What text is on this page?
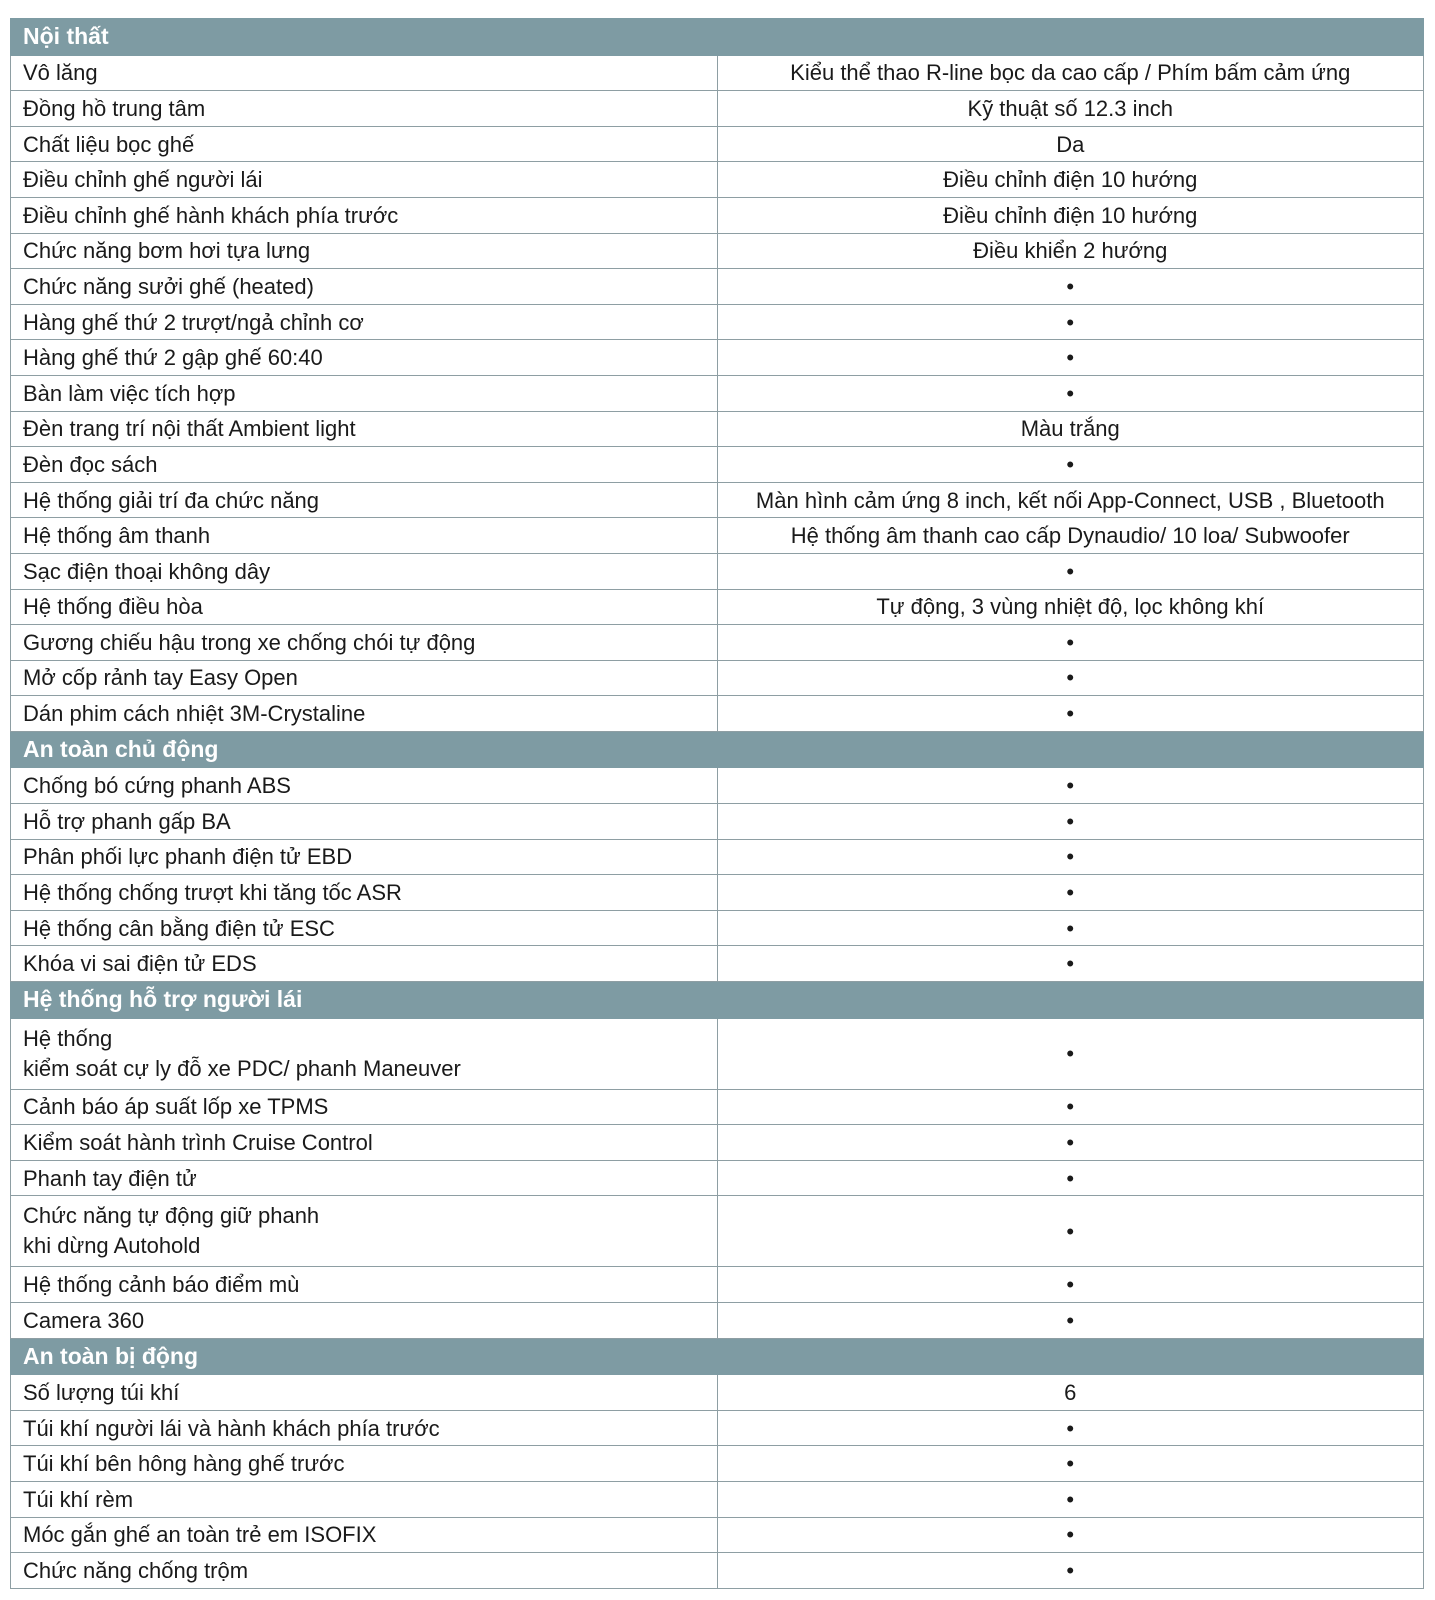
Nội thất	
Vô lăng	Kiểu thể thao R-line bọc da cao cấp / Phím bấm cảm ứng
Đồng hồ trung tâm	Kỹ thuật số 12.3 inch
Chất liệu bọc ghế	Da
Điều chỉnh ghế người lái	Điều chỉnh điện 10 hướng
Điều chỉnh ghế hành khách phía trước	Điều chỉnh điện 10 hướng
Chức năng bơm hơi tựa lưng	Điều khiển 2 hướng
Chức năng sưởi ghế (heated)	•
Hàng ghế thứ 2 trượt/ngả chỉnh cơ	•
Hàng ghế thứ 2 gập ghế 60:40	•
Bàn làm việc tích hợp	•
Đèn trang trí nội thất Ambient light	Màu trắng
Đèn đọc sách	•
Hệ thống giải trí đa chức năng	Màn hình cảm ứng 8 inch, kết nối App-Connect, USB , Bluetooth
Hệ thống âm thanh	Hệ thống âm thanh cao cấp Dynaudio/ 10 loa/ Subwoofer
Sạc điện thoại không dây	•
Hệ thống điều hòa	Tự động, 3 vùng nhiệt độ, lọc không khí
Gương chiếu hậu trong xe chống chói tự động	•
Mở cốp rảnh tay Easy Open	•
Dán phim cách nhiệt 3M-Crystaline	•
An toàn chủ động	
Chống bó cứng phanh ABS	•
Hỗ trợ phanh gấp BA	•
Phân phối lực phanh điện tử EBD	•
Hệ thống chống trượt khi tăng tốc ASR	•
Hệ thống cân bằng điện tử ESC	•
Khóa vi sai điện tử EDS	•
Hệ thống hỗ trợ người lái	
Hệ thống
kiểm soát cự ly đỗ xe PDC/ phanh Maneuver	•
Cảnh báo áp suất lốp xe TPMS	•
Kiểm soát hành trình Cruise Control	•
Phanh tay điện tử	•
Chức năng tự động giữ phanh
khi dừng Autohold	•
Hệ thống cảnh báo điểm mù	•
Camera 360	•
An toàn bị động	
Số lượng túi khí	6
Túi khí người lái và hành khách phía trước	•
Túi khí bên hông hàng ghế trước	•
Túi khí rèm	•
Móc gắn ghế an toàn trẻ em ISOFIX	•
Chức năng chống trộm	•
